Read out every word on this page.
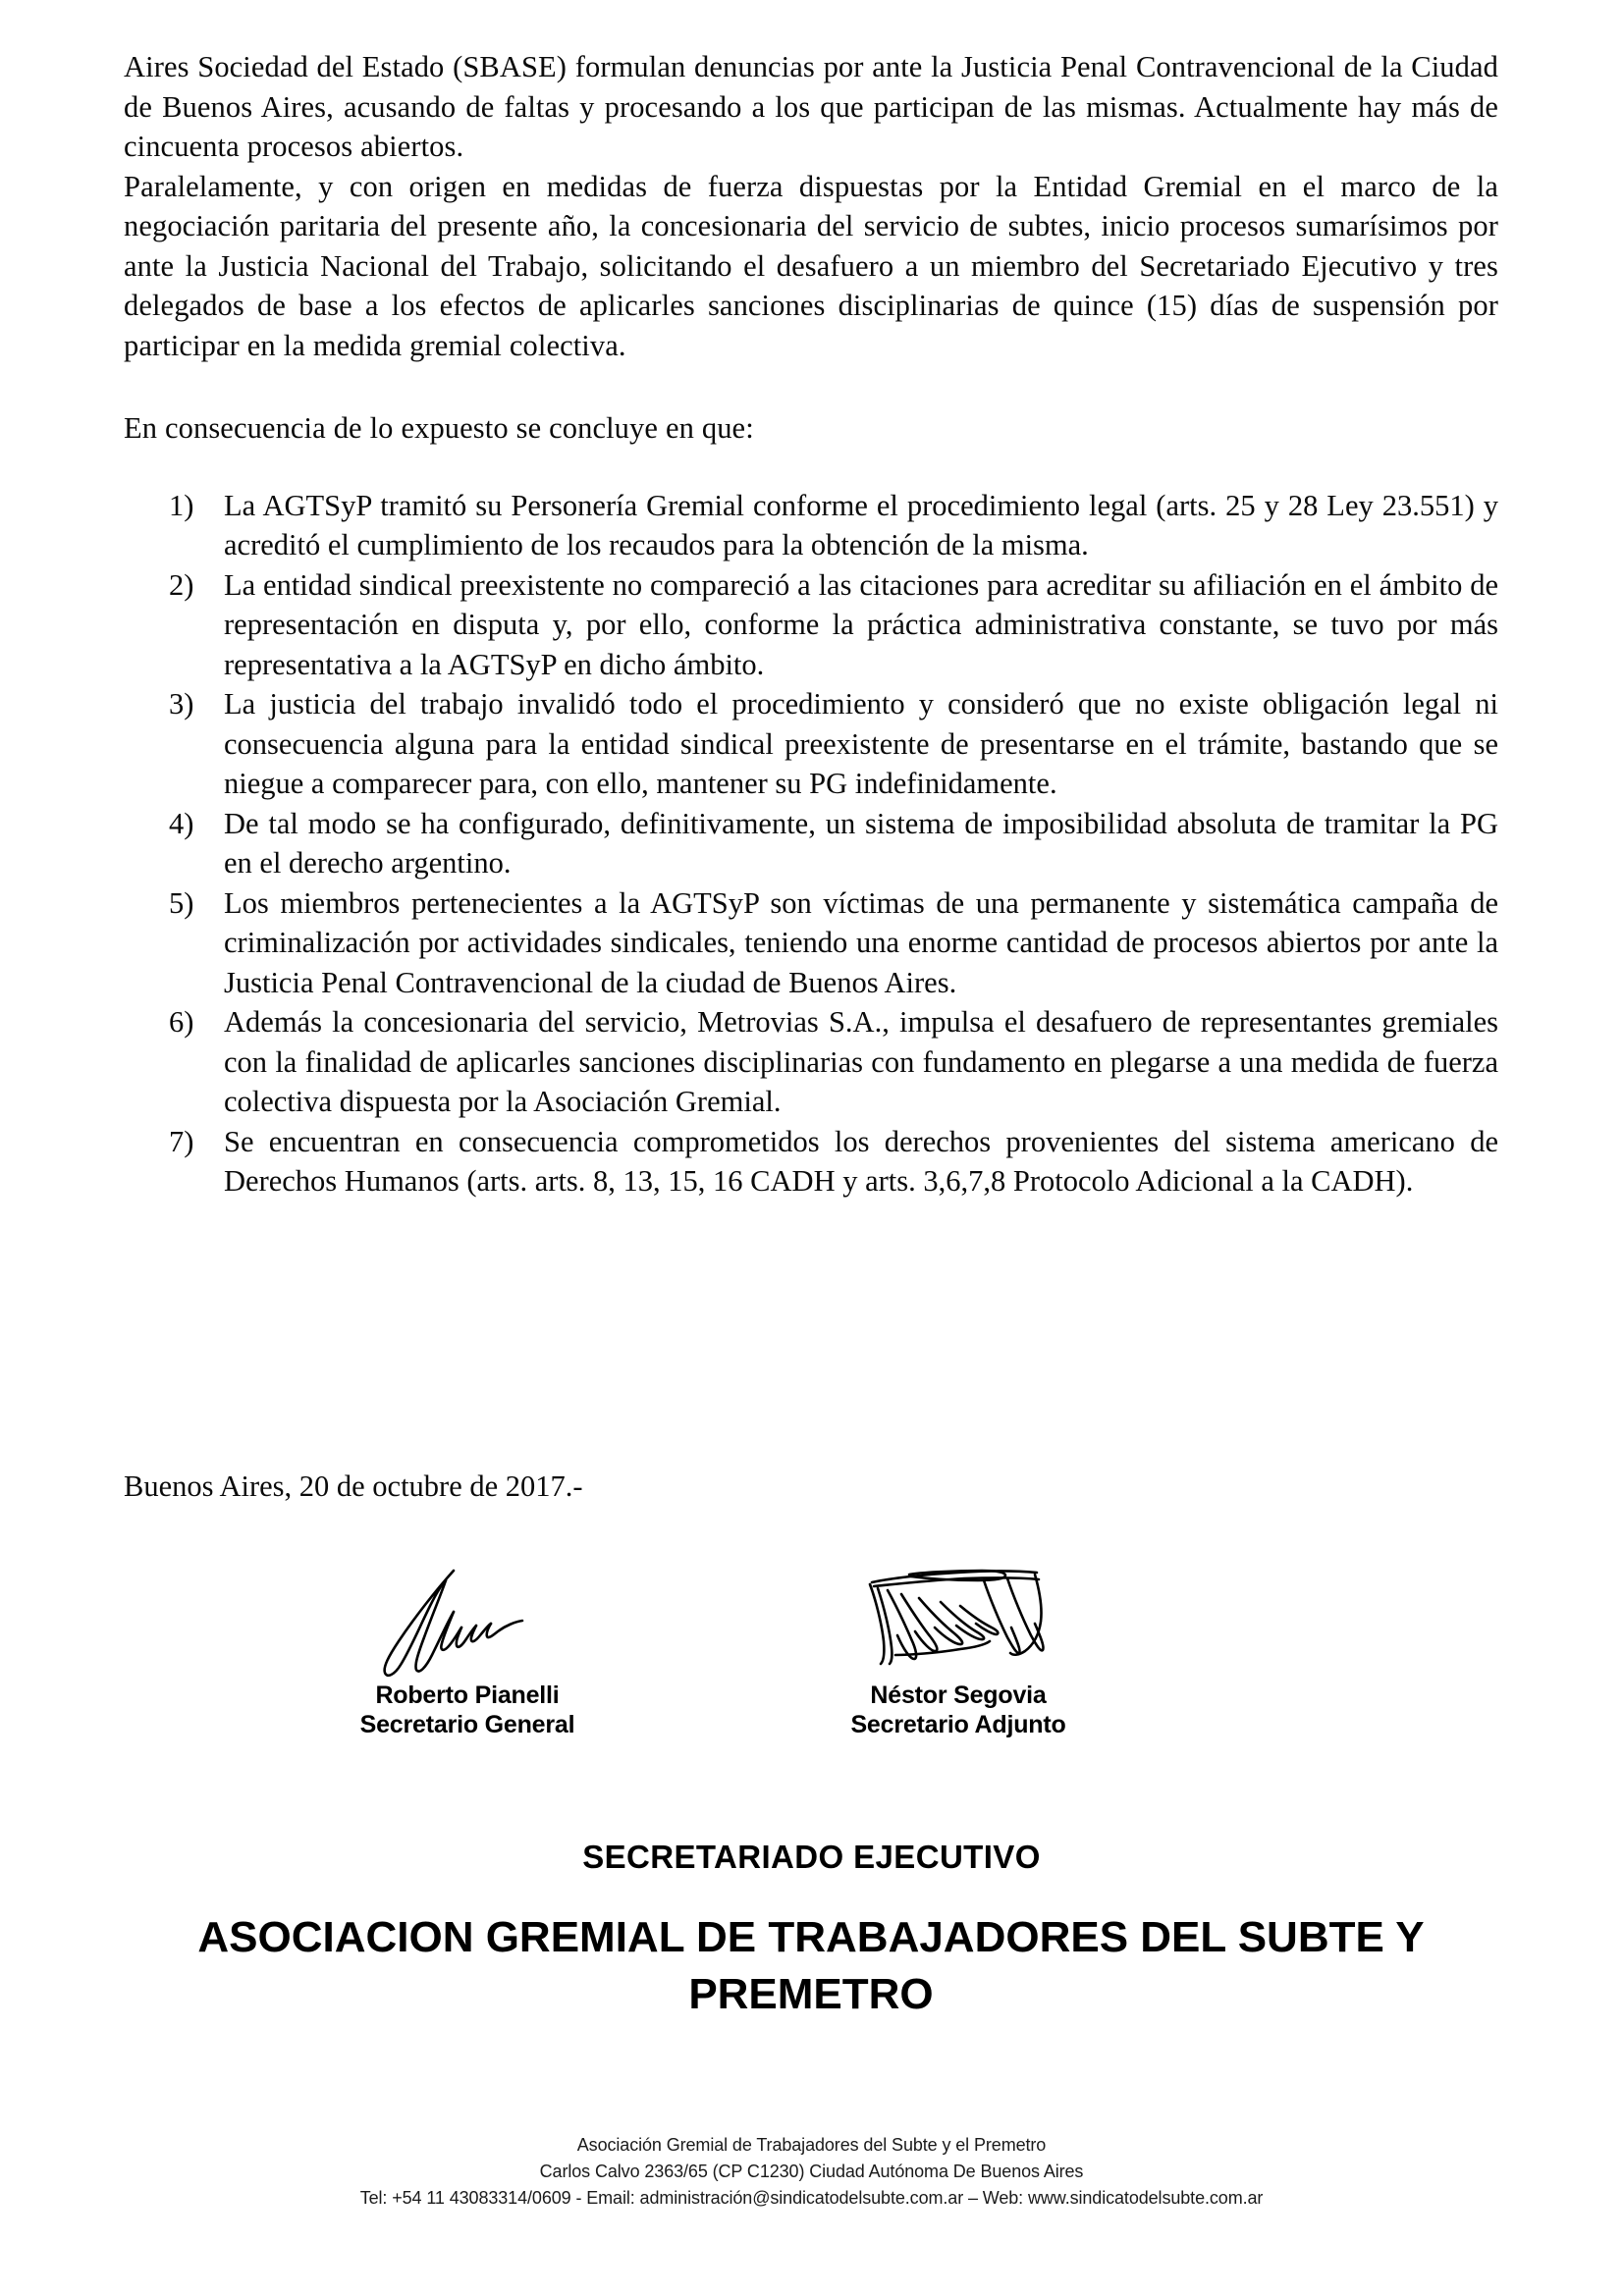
Aires Sociedad del Estado (SBASE) formulan denuncias por ante la Justicia Penal Contravencional de la Ciudad de Buenos Aires, acusando de faltas y procesando a los que participan de las mismas. Actualmente hay más de cincuenta procesos abiertos.

Paralelamente, y con origen en medidas de fuerza dispuestas por la Entidad Gremial en el marco de la negociación paritaria del presente año, la concesionaria del servicio de subtes, inicio procesos sumarísimos por ante la Justicia Nacional del Trabajo, solicitando el desafuero a un miembro del Secretariado Ejecutivo y tres delegados de base a los efectos de aplicarles sanciones disciplinarias de quince (15) días de suspensión por participar en la medida gremial colectiva.

En consecuencia de lo expuesto se concluye en que:

1)	La AGTSyP tramitó su Personería Gremial conforme el procedimiento legal (arts. 25 y 28 Ley 23.551) y acreditó el cumplimiento de los recaudos para la obtención de la misma.
2)	La entidad sindical preexistente no compareció a las citaciones para acreditar su afiliación en el ámbito de representación en disputa y, por ello, conforme la práctica administrativa constante, se tuvo por más representativa a la AGTSyP en dicho ámbito.
3)	La justicia del trabajo invalidó todo el procedimiento y consideró que no existe obligación legal ni consecuencia alguna para la entidad sindical preexistente de presentarse en el trámite, bastando que se niegue a comparecer para, con ello, mantener su PG indefinidamente.
4)	De tal modo se ha configurado, definitivamente, un sistema de imposibilidad absoluta de tramitar la PG en el derecho argentino.
5)	Los miembros pertenecientes a la AGTSyP son víctimas de una permanente y sistemática campaña de criminalización por actividades sindicales, teniendo una enorme cantidad de procesos abiertos por ante la Justicia Penal Contravencional de la ciudad de Buenos Aires.
6)	Además la concesionaria del servicio, Metrovias S.A., impulsa el desafuero de representantes gremiales con la finalidad de aplicarles sanciones disciplinarias con fundamento en plegarse a una medida de fuerza colectiva dispuesta por la Asociación Gremial.
7)	Se encuentran en consecuencia comprometidos los derechos provenientes del sistema americano de Derechos Humanos (arts. arts. 8, 13, 15, 16 CADH y arts. 3,6,7,8 Protocolo Adicional a la CADH).
Buenos Aires, 20 de octubre de 2017.-
Roberto Pianelli
Secretario General
Néstor Segovia
Secretario Adjunto
SECRETARIADO EJECUTIVO
ASOCIACION GREMIAL DE TRABAJADORES DEL SUBTE Y PREMETRO
Asociación Gremial de Trabajadores del Subte y el Premetro
Carlos Calvo 2363/65 (CP C1230) Ciudad Autónoma De Buenos Aires
Tel: +54 11 43083314/0609 - Email: administración@sindicatodelsubte.com.ar – Web: www.sindicatodelsubte.com.ar
